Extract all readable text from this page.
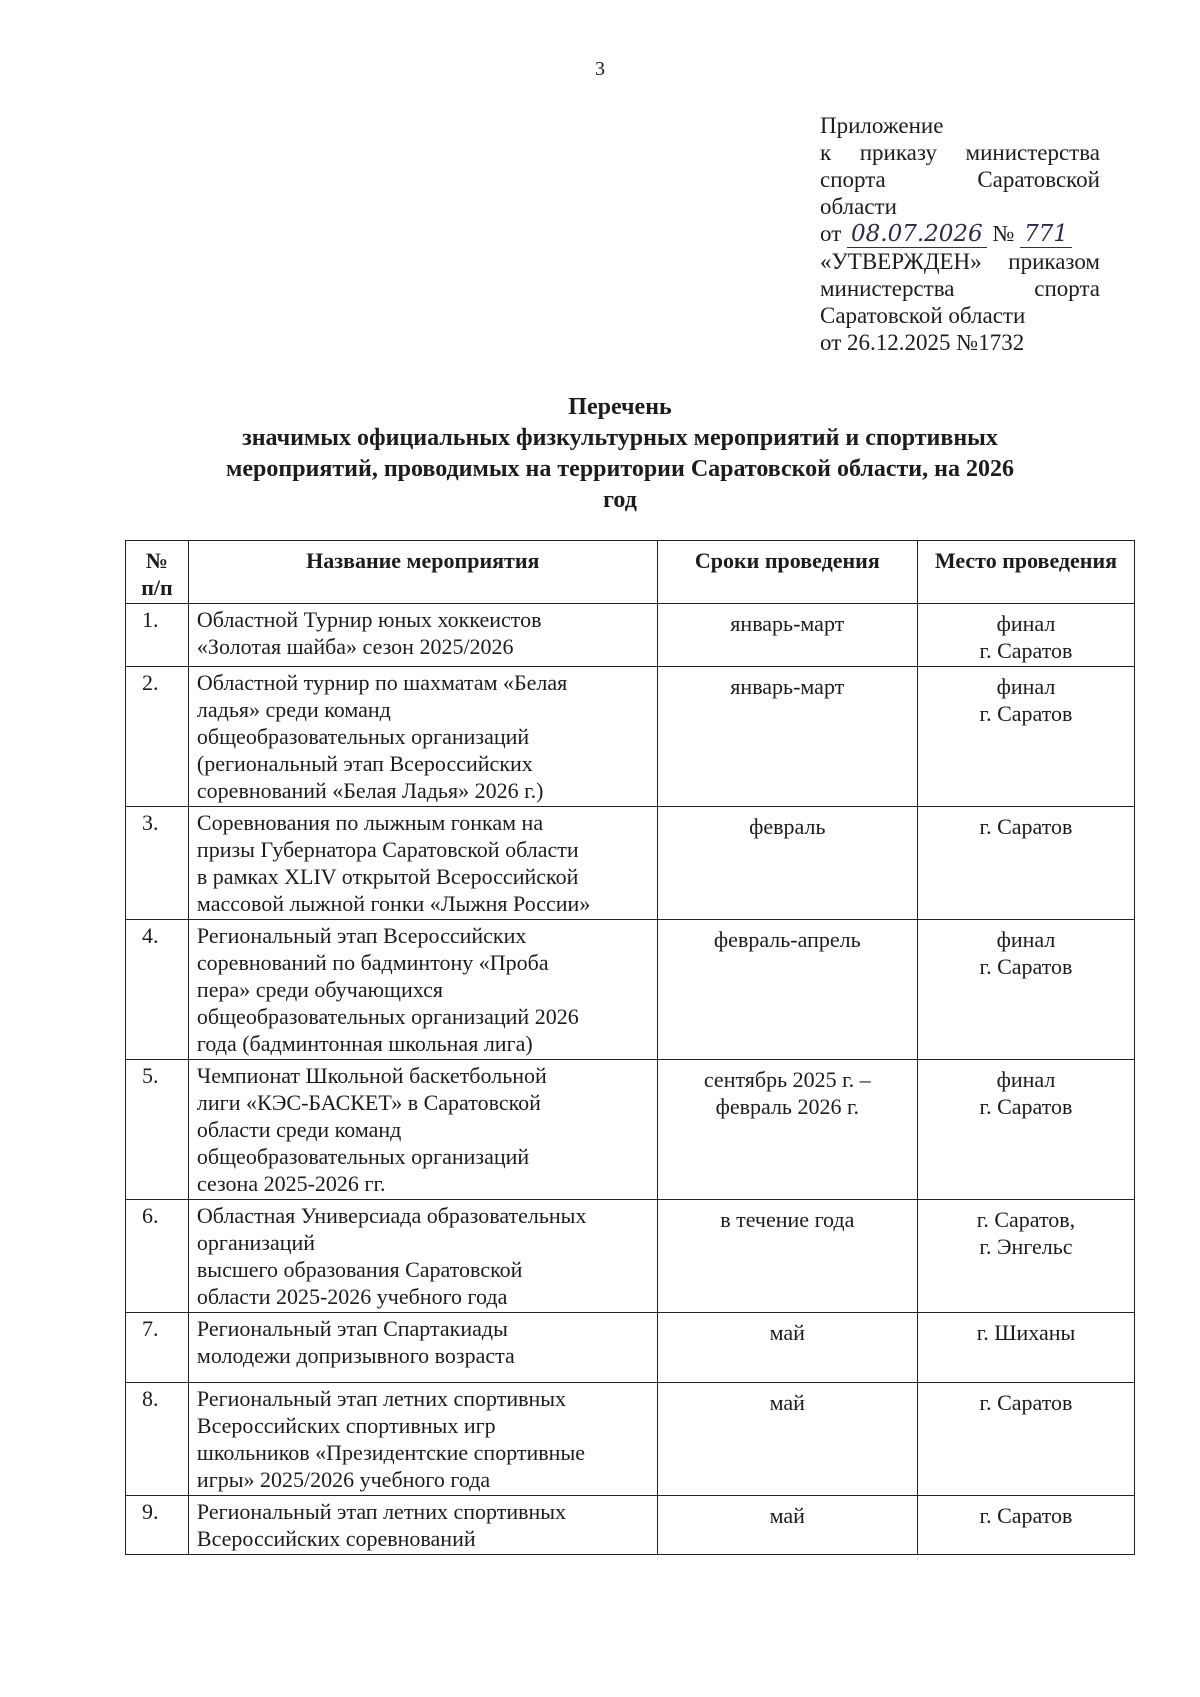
3
Приложение
к приказу министерства
спорта Саратовской
области
от 08.07.2026 № 771
«УТВЕРЖДЕН» приказом
министерства спорта
Саратовской области
от 26.12.2025 №1732
Перечень
значимых официальных физкультурных мероприятий и спортивных
мероприятий, проводимых на территории Саратовской области, на 2026
год
№ п/п	Название мероприятия	Сроки проведения	Место проведения
1.	Областной Турнир юных хоккеистов
«Золотая шайба» сезон 2025/2026	январь-март	финал
г. Саратов

2.	Областной турнир по шахматам «Белая
ладья» среди команд
общеобразовательных организаций
(региональный этап Всероссийских
соревнований «Белая Ладья» 2026 г.)	январь-март	финал
г. Саратов

3.	Соревнования по лыжным гонкам на
призы Губернатора Саратовской области
в рамках XLIV открытой Всероссийской
массовой лыжной гонки «Лыжня России»	февраль	г. Саратов

4.	Региональный этап Всероссийских
соревнований по бадминтону «Проба
пера» среди обучающихся
общеобразовательных организаций 2026
года (бадминтонная школьная лига)	февраль-апрель	финал
г. Саратов

5.	Чемпионат Школьной баскетбольной
лиги «КЭС-БАСКЕТ» в Саратовской
области среди команд
общеобразовательных организаций
сезона 2025-2026 гг.	сентябрь 2025 г. – февраль 2026 г.	финал
г. Саратов

6.	Областная Универсиада образовательных
организаций
высшего образования Саратовской
области 2025-2026 учебного года	в течение года	г. Саратов,
г. Энгельс

7.	Региональный этап Спартакиады
молодежи допризывного возраста	май	г. Шиханы

8.	Региональный этап летних спортивных
Всероссийских спортивных игр
школьников «Президентские спортивные
игры» 2025/2026 учебного года	май	г. Саратов

9.	Региональный этап летних спортивных
Всероссийских соревнований	май	г. Саратов
